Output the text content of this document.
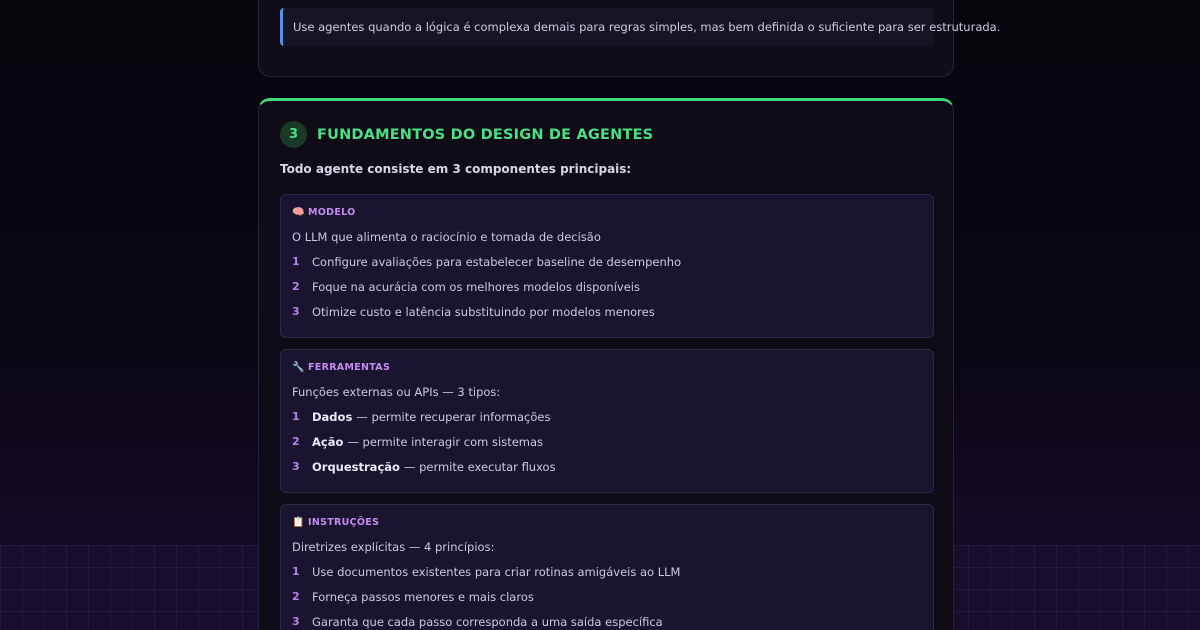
Use agentes quando a lógica é complexa demais para regras simples, mas bem definida o suficiente para ser estruturada.
3	FUNDAMENTOS DO DESIGN DE AGENTES
Todo agente consiste em 3 componentes principais:
🧠 MODELO
O LLM que alimenta o raciocínio e tomada de decisão
1	Configure avaliações para estabelecer baseline de desempenho
2	Foque na acurácia com os melhores modelos disponíveis
3	Otimize custo e latência substituindo por modelos menores
🔧 FERRAMENTAS
Funções externas ou APIs — 3 tipos:
1	Dados — permite recuperar informações
2	Ação — permite interagir com sistemas
3	Orquestração — permite executar fluxos
📋 INSTRUÇÕES
Diretrizes explícitas — 4 princípios:
1	Use documentos existentes para criar rotinas amigáveis ao LLM
2	Forneça passos menores e mais claros
3	Garanta que cada passo corresponda a uma saída específica
